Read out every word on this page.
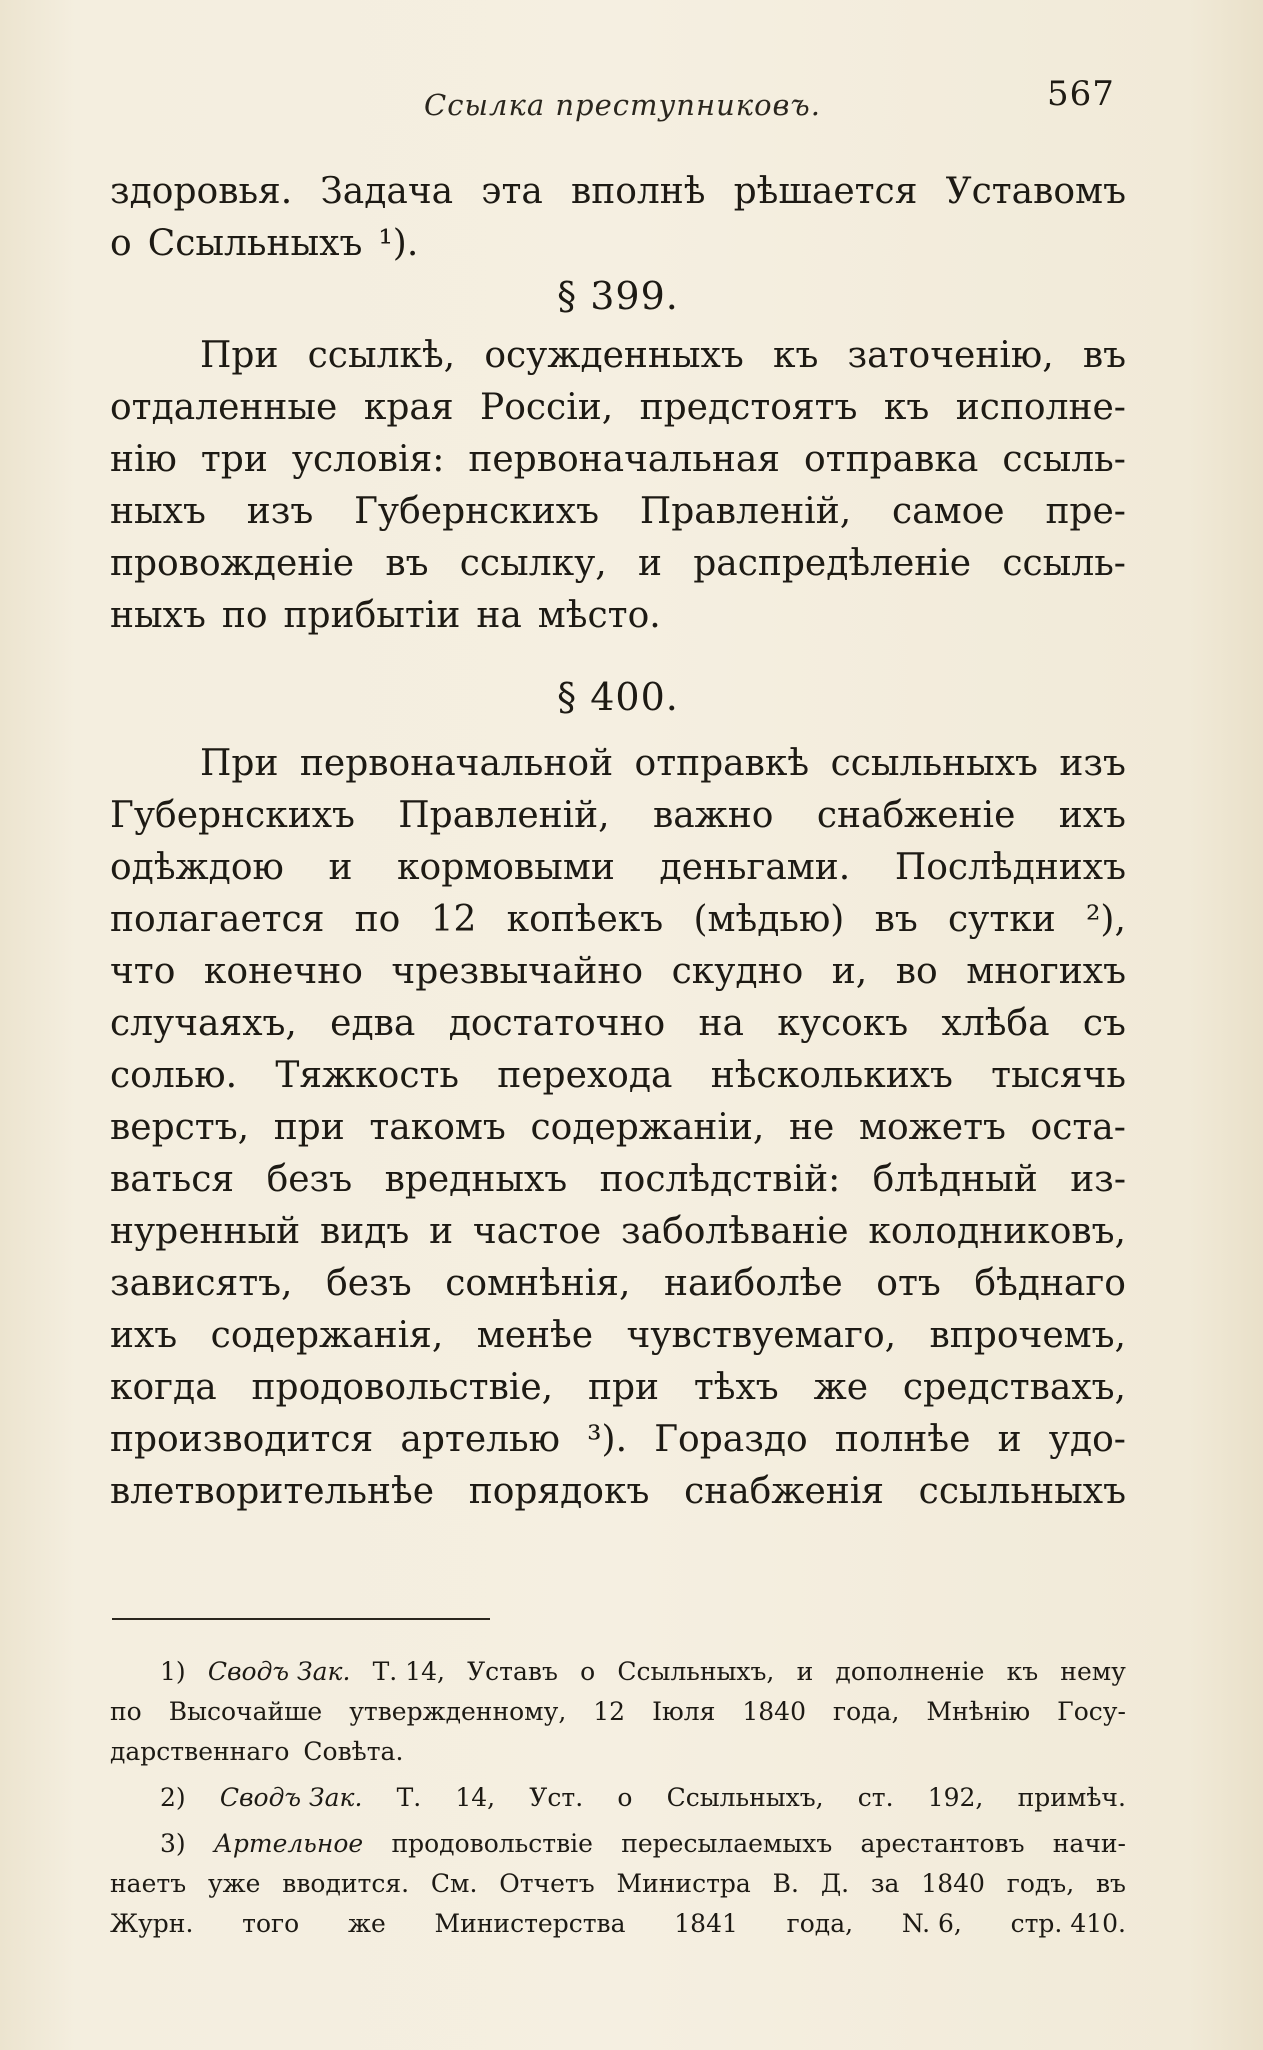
Ссылка преступниковъ.	567
здоровья. Задача эта вполнѣ рѣшается Уставомъ
о Ссыльныхъ ¹).
§ 399.
При ссылкѣ, осужденныхъ къ заточенію, въ
отдаленные края Россіи, предстоятъ къ исполне-
нію три условія: первоначальная отправка ссыль-
ныхъ изъ Губернскихъ Правленій, самое пре-
провожденіе въ ссылку, и распредѣленіе ссыль-
ныхъ по прибытіи на мѣсто.
§ 400.
При первоначальной отправкѣ ссыльныхъ изъ
Губернскихъ Правленій, важно снабженіе ихъ
одѣждою и кормовыми деньгами. Послѣднихъ
полагается по 12 копѣекъ (мѣдью) въ сутки ²),
что конечно чрезвычайно скудно и, во многихъ
случаяхъ, едва достаточно на кусокъ хлѣба съ
солью. Тяжкость перехода нѣсколькихъ тысячь
верстъ, при такомъ содержаніи, не можетъ оста-
ваться безъ вредныхъ послѣдствій: блѣдный из-
нуренный видъ и частое заболѣваніе колодниковъ,
зависятъ, безъ сомнѣнія, наиболѣе отъ бѣднаго
ихъ содержанія, менѣе чувствуемаго, впрочемъ,
когда продовольствіе, при тѣхъ же средствахъ,
производится артелью ³). Гораздо полнѣе и удо-
влетворительнѣе порядокъ снабженія ссыльныхъ
1) Сводъ Зак. Т. 14, Уставъ о Ссыльныхъ, и дополненіе къ нему
по Высочайше утвержденному, 12 Іюля 1840 года, Мнѣнію Госу-
дарственнаго Совѣта.
2) Сводъ Зак. Т. 14, Уст. о Ссыльныхъ, ст. 192, примѣч.
3) Артельное продовольствіе пересылаемыхъ арестантовъ начи-
наетъ уже вводится. См. Отчетъ Министра В. Д. за 1840 годъ, въ
Журн. того же Министерства 1841 года, N. 6, стр. 410.
